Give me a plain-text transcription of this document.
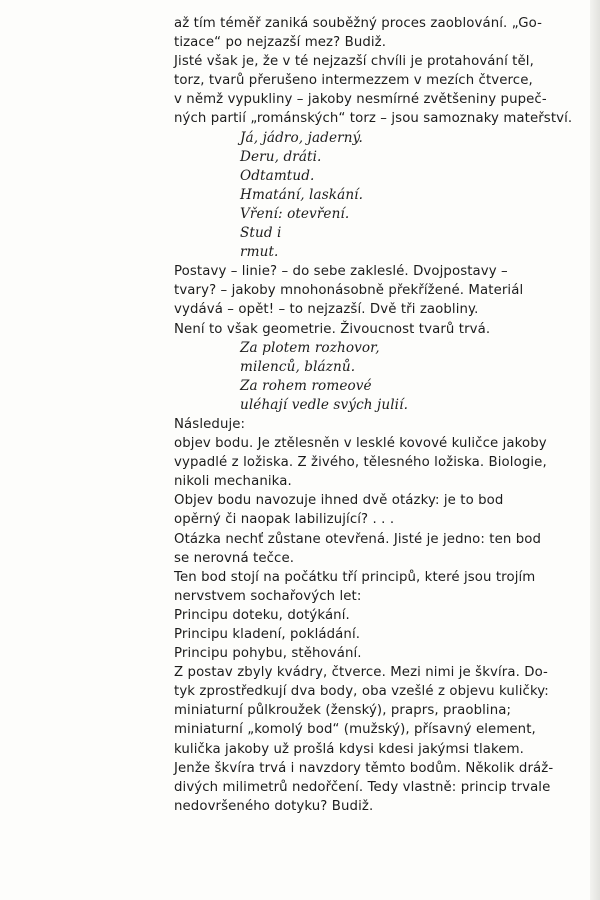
až tím téměř zaniká souběžný proces zaoblování. „Go-
tizace“ po nejzazší mez? Budiž.
Jisté však je, že v té nejzazší chvíli je protahování těl,
torz, tvarů přerušeno intermezzem v mezích čtverce,
v němž vypukliny – jakoby nesmírné zvětšeniny pupeč-
ných partií „románských“ torz – jsou samoznaky mateřství.
Já, jádro, jaderný.
Deru, dráti.
Odtamtud.
Hmatání, laskání.
Vření: otevření.
Stud i
rmut.
Postavy – linie? – do sebe zakleslé. Dvojpostavy –
tvary? – jakoby mnohonásobně překřížené. Materiál
vydává – opět! – to nejzazší. Dvě tři zaobliny.
Není to však geometrie. Živoucnost tvarů trvá.
Za plotem rozhovor,
milenců, bláznů.
Za rohem romeové
uléhají vedle svých julií.
Následuje:
objev bodu. Je ztělesněn v lesklé kovové kuličce jakoby
vypadlé z ložiska. Z živého, tělesného ložiska. Biologie,
nikoli mechanika.
Objev bodu navozuje ihned dvě otázky: je to bod
opěrný či naopak labilizující? . . .
Otázka nechť zůstane otevřená. Jisté je jedno: ten bod
se nerovná tečce.
Ten bod stojí na počátku tří principů, které jsou trojím
nervstvem sochařových let:
Principu doteku, dotýkání.
Principu kladení, pokládání.
Principu pohybu, stěhování.
Z postav zbyly kvádry, čtverce. Mezi nimi je škvíra. Do-
tyk zprostředkují dva body, oba vzešlé z objevu kuličky:
miniaturní půlkroužek (ženský), praprs, praoblina;
miniaturní „komolý bod“ (mužský), přísavný element,
kulička jakoby už prošlá kdysi kdesi jakýmsi tlakem.
Jenže škvíra trvá i navzdory těmto bodům. Několik dráž-
divých milimetrů nedořčení. Tedy vlastně: princip trvale
nedovršeného dotyku? Budiž.
